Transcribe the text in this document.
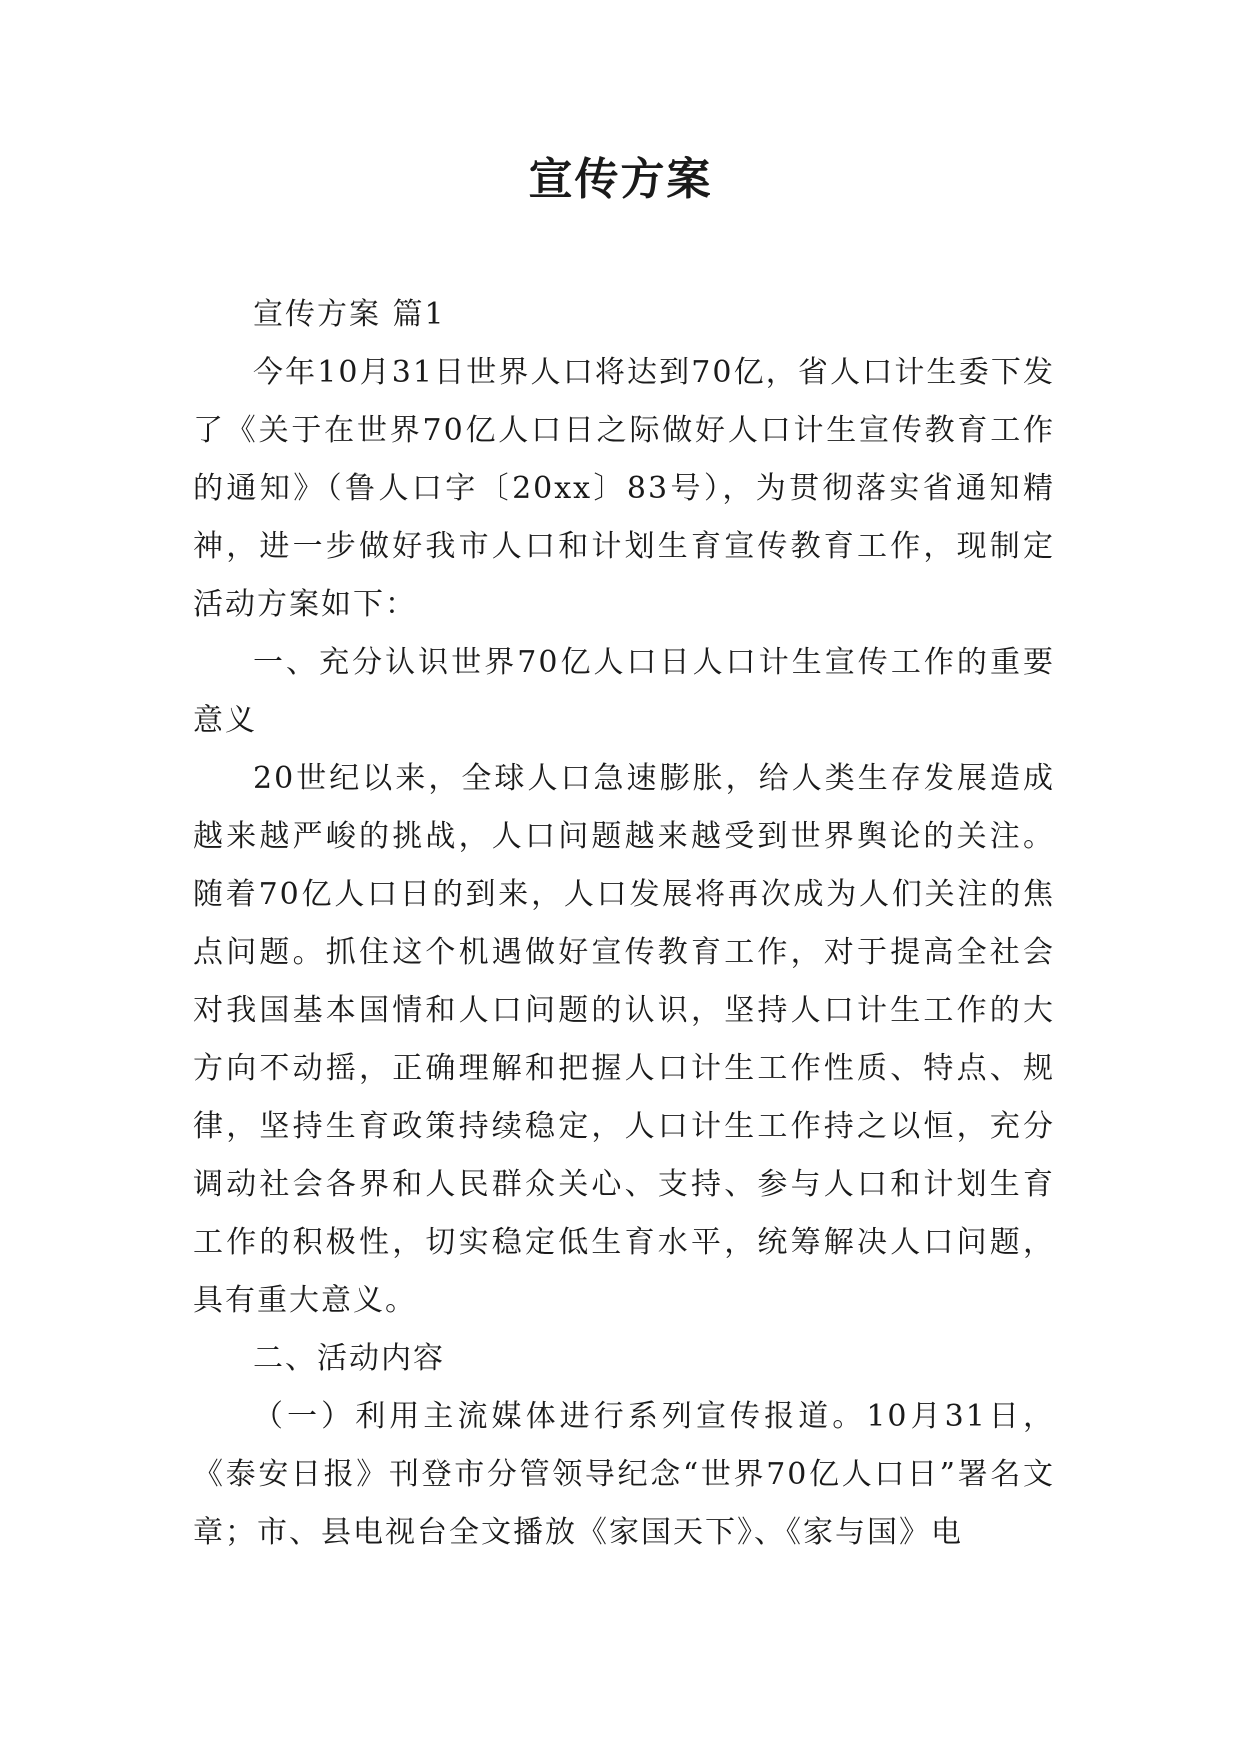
宣传方案

宣传方案 篇1

今年10月31日世界人口将达到70亿，省人口计生委下发了《关于在世界70亿人口日之际做好人口计生宣传教育工作的通知》（鲁人口字〔20xx〕83号），为贯彻落实省通知精神，进一步做好我市人口和计划生育宣传教育工作，现制定活动方案如下：

一、充分认识世界70亿人口日人口计生宣传工作的重要意义

20世纪以来，全球人口急速膨胀，给人类生存发展造成越来越严峻的挑战，人口问题越来越受到世界舆论的关注。随着70亿人口日的到来，人口发展将再次成为人们关注的焦点问题。抓住这个机遇做好宣传教育工作，对于提高全社会对我国基本国情和人口问题的认识，坚持人口计生工作的大方向不动摇，正确理解和把握人口计生工作性质、特点、规律，坚持生育政策持续稳定，人口计生工作持之以恒，充分调动社会各界和人民群众关心、支持、参与人口和计划生育工作的积极性，切实稳定低生育水平，统筹解决人口问题，具有重大意义。

二、活动内容

（一）利用主流媒体进行系列宣传报道。10月31日，《泰安日报》刊登市分管领导纪念“世界70亿人口日”署名文章；市、县电视台全文播放《家国天下》、《家与国》电
